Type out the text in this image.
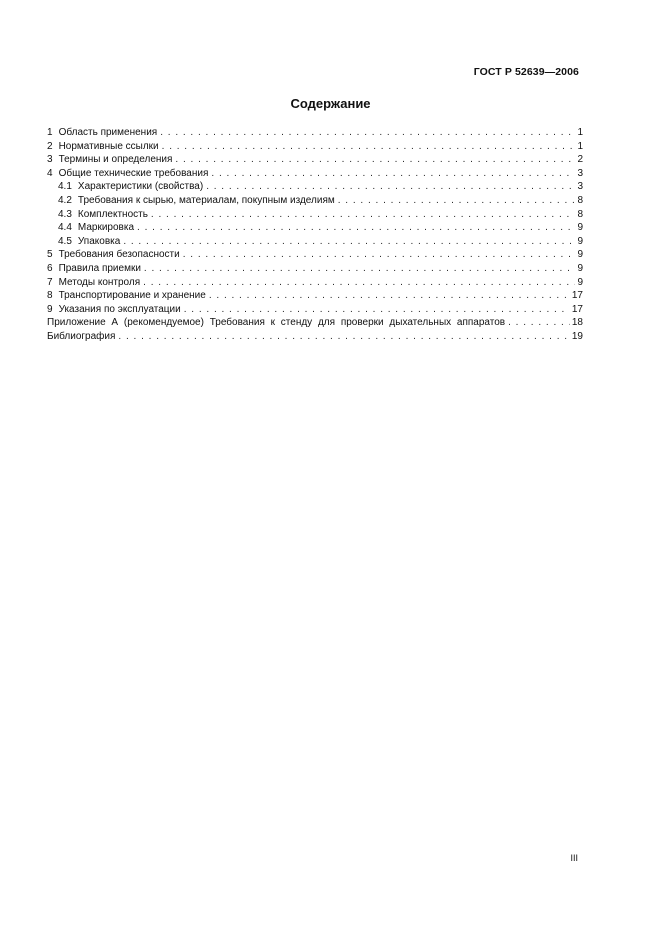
ГОСТ Р 52639—2006
Содержание
1 Область применения . . .	1
2 Нормативные ссылки . . .	1
3 Термины и определения . . .	2
4 Общие технические требования . . .	3
4.1 Характеристики (свойства) . . .	3
4.2 Требования к сырью, материалам, покупным изделиям . . .	8
4.3 Комплектность . . .	8
4.4 Маркировка . . .	9
4.5 Упаковка . . .	9
5 Требования безопасности . . .	9
6 Правила приемки . . .	9
7 Методы контроля . . .	9
8 Транспортирование и хранение . . .	17
9 Указания по эксплуатации . . .	17
Приложение А (рекомендуемое) Требования к стенду для проверки дыхательных аппаратов . . .	18
Библиография . . .	19
III
